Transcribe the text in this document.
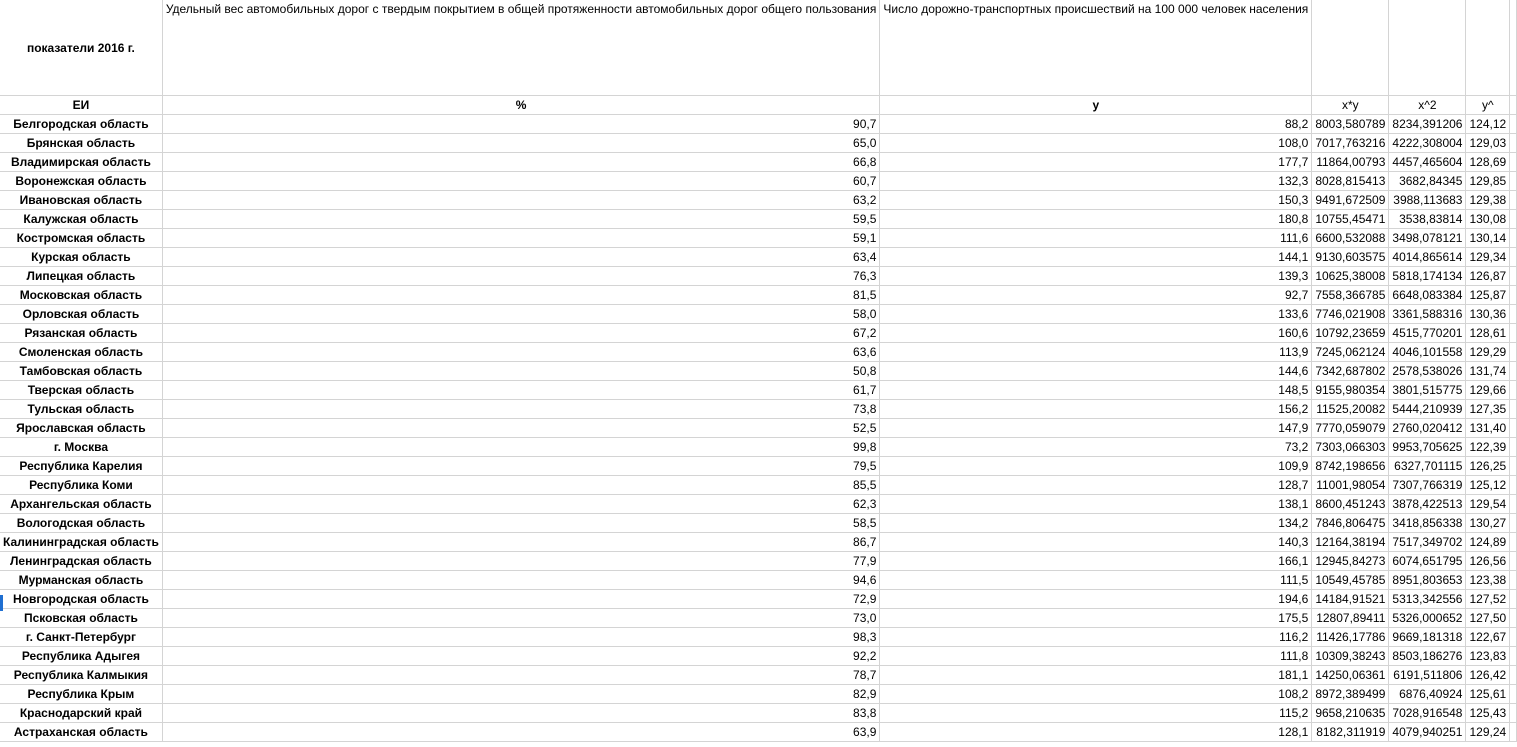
показатели 2016 г.	Удельный вес автомобильных дорог с твердым покрытием в общей протяженности автомобильных дорог общего пользования	Число дорожно-транспортных происшествий на 100 000 человек населения				
ЕИ	%	y	x*y	x^2	y^	
Белгородская область	90,7	88,2	8003,580789	8234,391206	124,12	
Брянская область	65,0	108,0	7017,763216	4222,308004	129,03	
Владимирская область	66,8	177,7	11864,00793	4457,465604	128,69	
Воронежская область	60,7	132,3	8028,815413	3682,84345	129,85	
Ивановская область	63,2	150,3	9491,672509	3988,113683	129,38	
Калужская область	59,5	180,8	10755,45471	3538,83814	130,08	
Костромская область	59,1	111,6	6600,532088	3498,078121	130,14	
Курская область	63,4	144,1	9130,603575	4014,865614	129,34	
Липецкая область	76,3	139,3	10625,38008	5818,174134	126,87	
Московская область	81,5	92,7	7558,366785	6648,083384	125,87	
Орловская область	58,0	133,6	7746,021908	3361,588316	130,36	
Рязанская область	67,2	160,6	10792,23659	4515,770201	128,61	
Смоленская область	63,6	113,9	7245,062124	4046,101558	129,29	
Тамбовская область	50,8	144,6	7342,687802	2578,538026	131,74	
Тверская область	61,7	148,5	9155,980354	3801,515775	129,66	
Тульская область	73,8	156,2	11525,20082	5444,210939	127,35	
Ярославская область	52,5	147,9	7770,059079	2760,020412	131,40	
г. Москва	99,8	73,2	7303,066303	9953,705625	122,39	
Республика Карелия	79,5	109,9	8742,198656	6327,701115	126,25	
Республика Коми	85,5	128,7	11001,98054	7307,766319	125,12	
Архангельская область	62,3	138,1	8600,451243	3878,422513	129,54	
Вологодская область	58,5	134,2	7846,806475	3418,856338	130,27	
Калининградская область	86,7	140,3	12164,38194	7517,349702	124,89	
Ленинградская область	77,9	166,1	12945,84273	6074,651795	126,56	
Мурманская область	94,6	111,5	10549,45785	8951,803653	123,38	
Новгородская область	72,9	194,6	14184,91521	5313,342556	127,52	
Псковская область	73,0	175,5	12807,89411	5326,000652	127,50	
г. Санкт-Петербург	98,3	116,2	11426,17786	9669,181318	122,67	
Республика Адыгея	92,2	111,8	10309,38243	8503,186276	123,83	
Республика Калмыкия	78,7	181,1	14250,06361	6191,511806	126,42	
Республика Крым	82,9	108,2	8972,389499	6876,40924	125,61	
Краснодарский край	83,8	115,2	9658,210635	7028,916548	125,43	
Астраханская область	63,9	128,1	8182,311919	4079,940251	129,24	
